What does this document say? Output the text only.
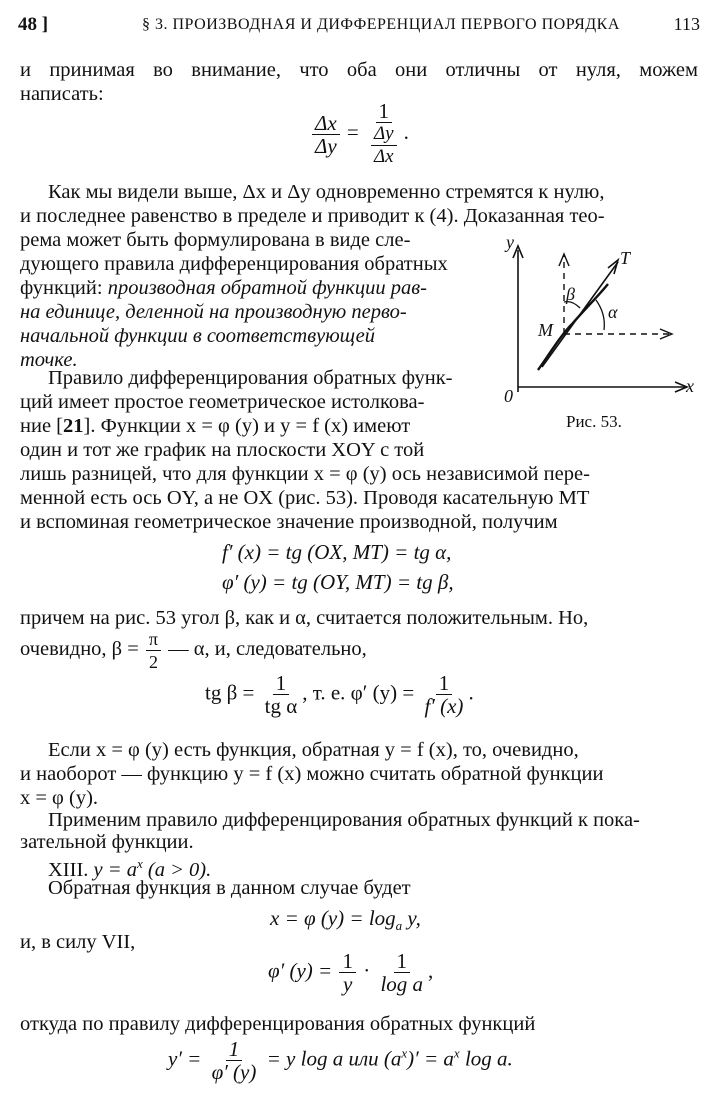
48 ]	§ 3. ПРОИЗВОДНАЯ И ДИФФЕРЕНЦИАЛ ПЕРВОГО ПОРЯДКА	113
и принимая во внимание, что оба они отличны от нуля, можем
написать:
$\frac{\Delta x}{\Delta y} = \frac{1}{\frac{\Delta y}{\Delta x}}$ .
Как мы видели выше, Δx и Δy одновременно стремятся к нулю,
и последнее равенство в пределе и приводит к (4). Доказанная тео-
рема может быть формулирована в виде сле-
дующего правила дифференцирования обратных
функций: производная обратной функции рав-
на единице, деленной на производную перво-
начальной функции в соответствующей
точке.
Правило дифференцирования обратных функ-
ций имеет простое геометрическое истолкова-
ние [21]. Функции x = φ (y) и y = f (x) имеют
один и тот же график на плоскости XOY с той
лишь разницей, что для функции x = φ (y) ось независимой пере-
менной есть ось OY, а не OX (рис. 53). Проводя касательную MT
и вспоминая геометрическое значение производной, получим
y
x
0
M
T
β
α
Рис. 53.
f′ (x) = tg (OX, MT) = tg α,
φ′ (y) = tg (OY, MT) = tg β,
причем на рис. 53 угол β, как и α, считается положительным. Но,
очевидно, $\beta = \frac{\pi}{2}$ — α, и, следовательно,
tg $\beta = \frac{1}{\text{tg α}}$ , т. е. φ′ $(y) = \frac{1}{f' (x)}$ .
Если x = φ (y) есть функция, обратная y = f (x), то, очевидно,
и наоборот — функцию y = f (x) можно считать обратной функции
x = φ (y).
Применим правило дифференцирования обратных функций к пока-
зательной функции.
XIII. $y = a^x$ (a > 0).
Обратная функция в данном случае будет
x = φ $(y) = \log_a y$,
и, в силу VII,
φ′ $(y) = \frac{1}{y} \cdot \frac{1}{\text{log a}}$ ,
откуда по правилу дифференцирования обратных функций
$y' = \frac{1}{\varphi' (y)} = y$ log a или $(a^x)' = a^x$ log a.
